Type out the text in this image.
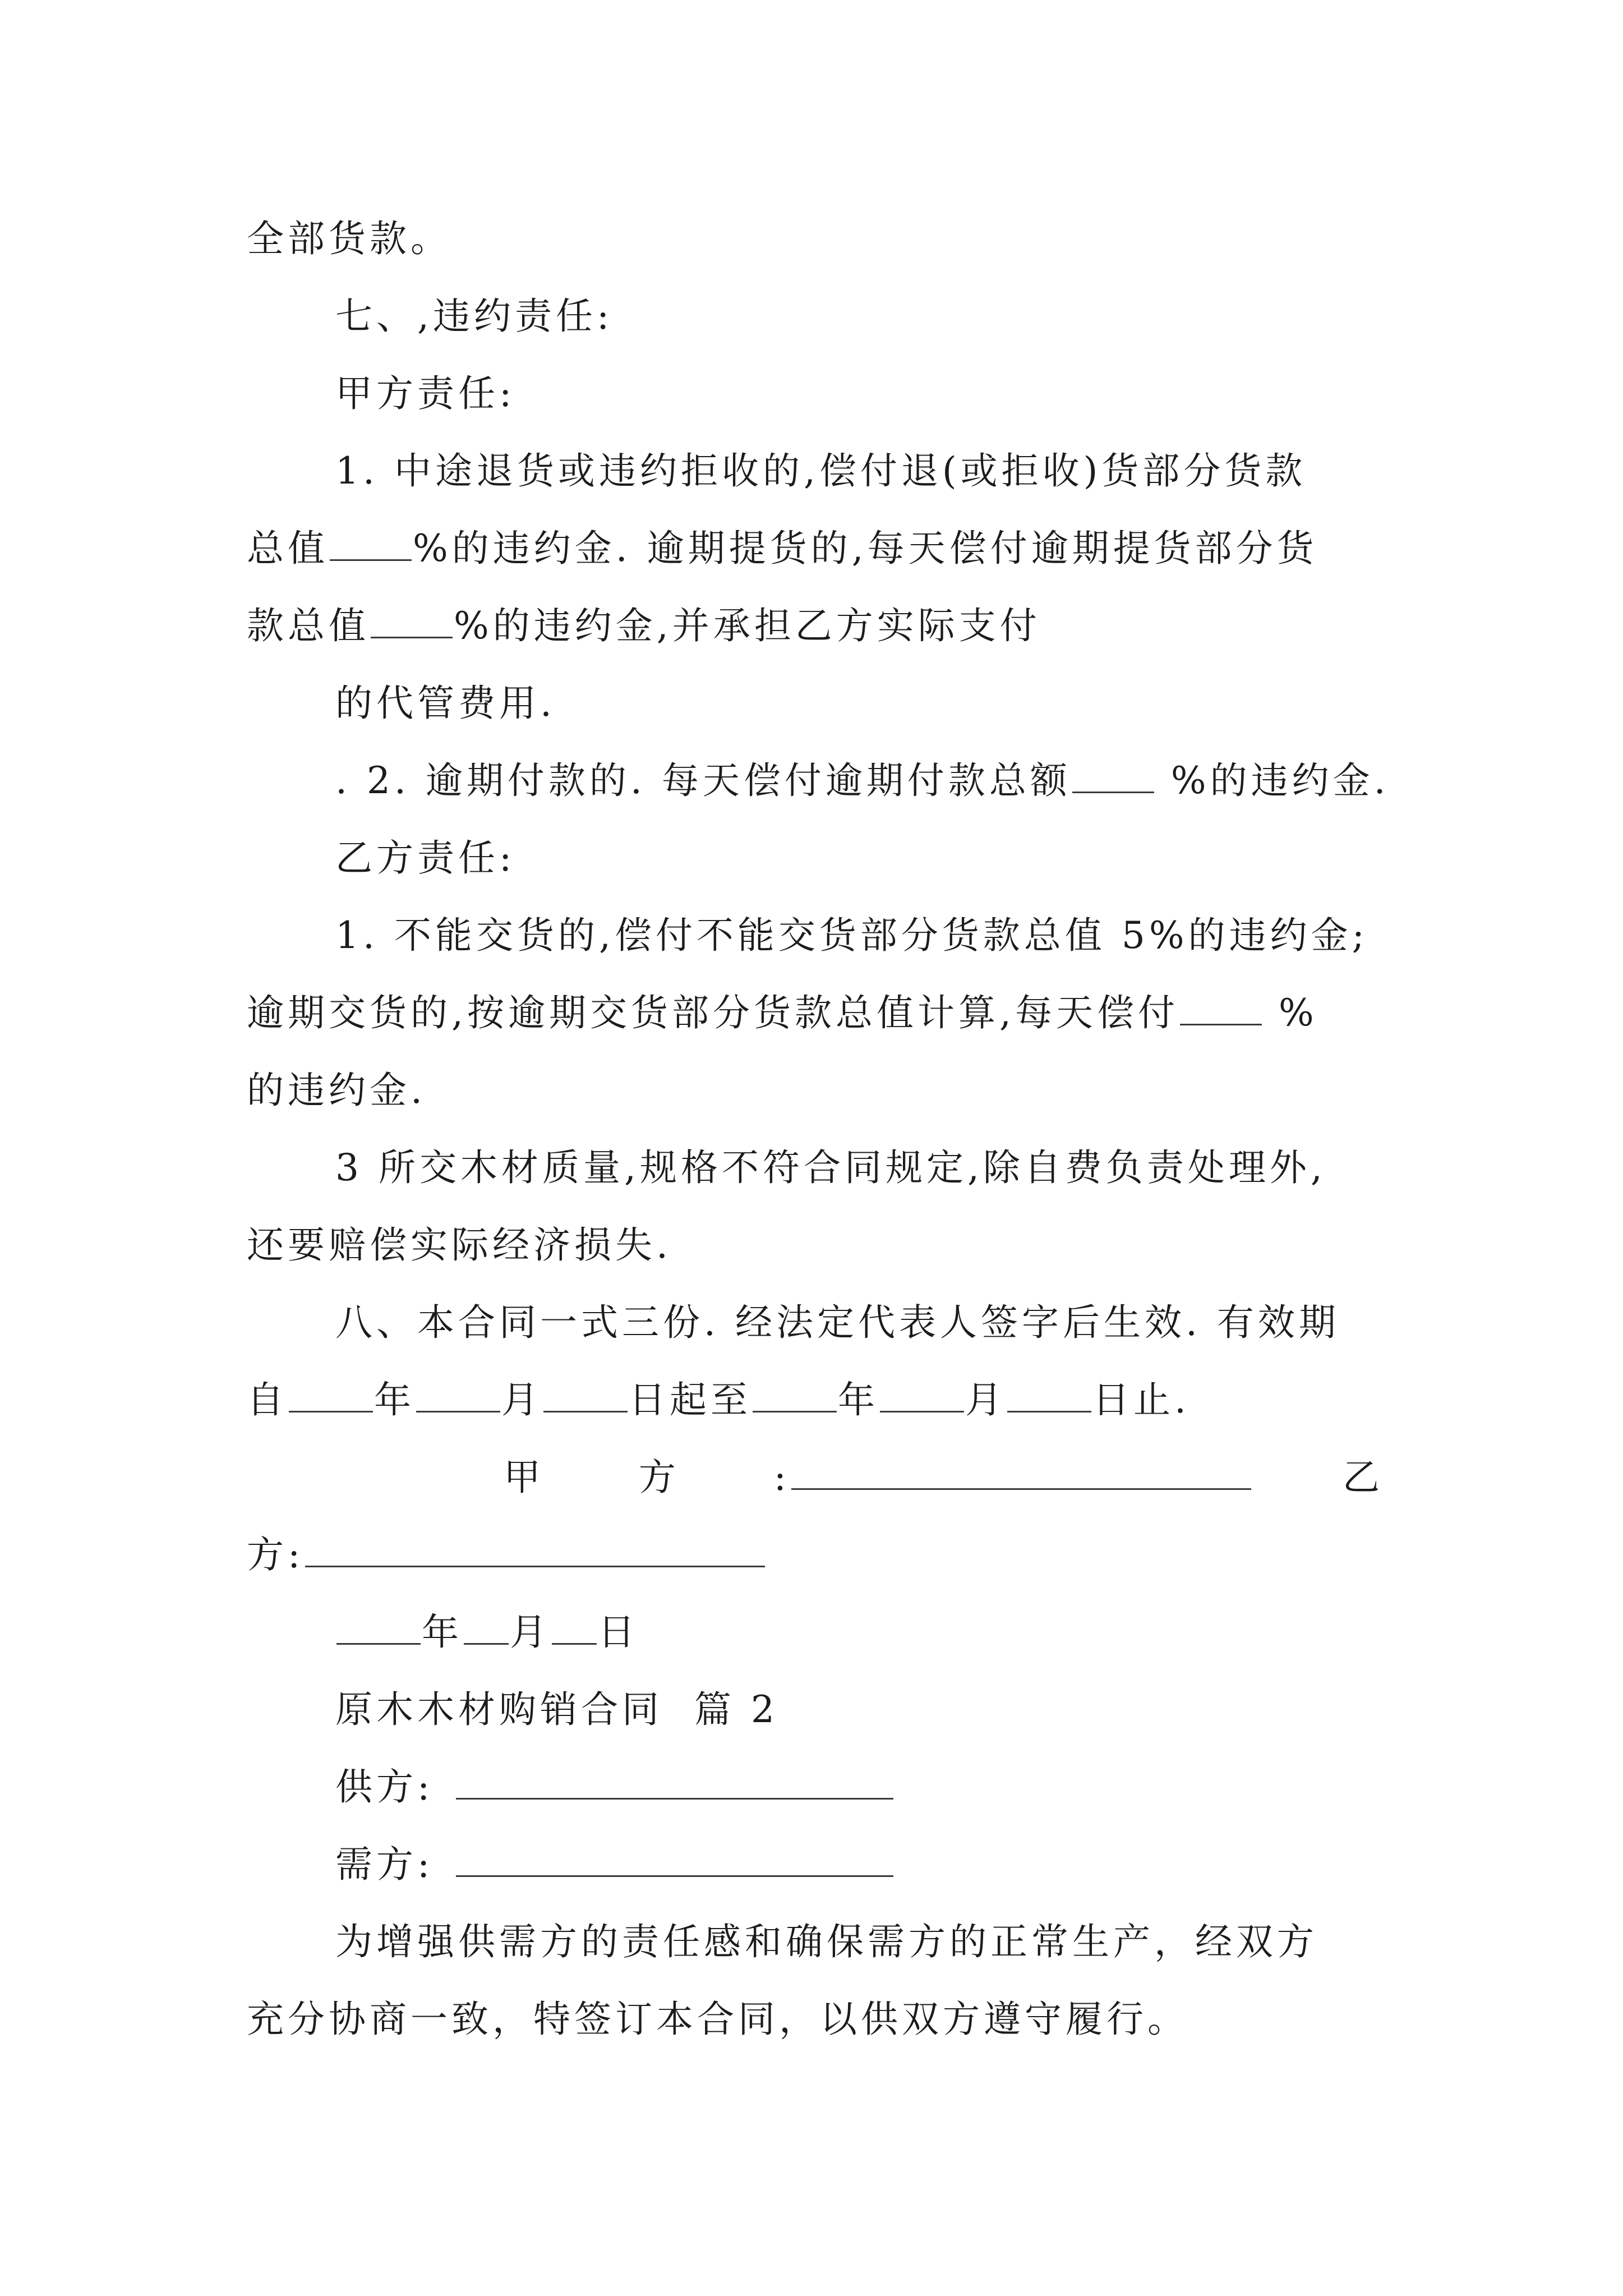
全部货款。
七、,违约责任:
甲方责任:
1. 中途退货或违约拒收的,偿付退(或拒收)货部分货款
总值 %的违约金. 逾期提货的,每天偿付逾期提货部分货
款总值 %的违约金,并承担乙方实际支付
的代管费用.
. 2. 逾期付款的. 每天偿付逾期付款总额 %的违约金.
乙方责任:
1. 不能交货的,偿付不能交货部分货款总值 5%的违约金;
逾期交货的,按逾期交货部分货款总值计算,每天偿付 %
的违约金.
3 所交木材质量,规格不符合同规定,除自费负责处理外,
还要赔偿实际经济损失.
八、本合同一式三份. 经法定代表人签字后生效. 有效期
自 年 月 日起至 年 月 日止.
甲      方      :	乙
方:
年 月 日
原木木材购销合同  篇 2
供方:
需方:
为增强供需方的责任感和确保需方的正常生产，经双方
充分协商一致，特签订本合同，以供双方遵守履行。
